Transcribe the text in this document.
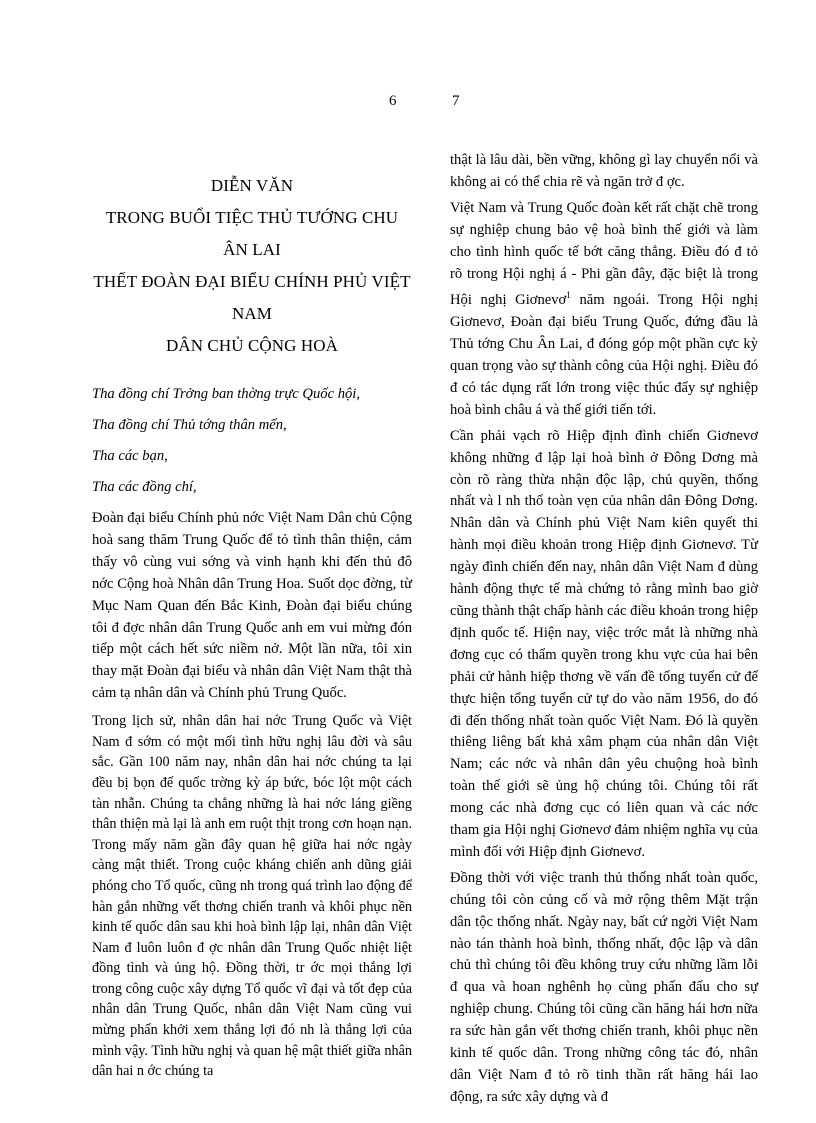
6	7
DIỄN VĂN
TRONG BUỔI TIỆC THỦ TƯỚNG CHU ÂN LAI
THẾT ĐOÀN ĐẠI BIỂU CHÍNH PHỦ VIỆT NAM
DÂN CHỦ CỘNG HOÀ

Tha đồng chí Trởng ban thờng trực Quốc hội,

Tha đồng chí Thủ tớng thân mến,

Tha các bạn,

Tha các đồng chí,

Đoàn đại biểu Chính phủ nớc Việt Nam Dân chủ Cộng hoà sang thăm Trung Quốc để tỏ tình thân thiện, cảm thấy vô cùng vui sớng và vinh hạnh khi đến thủ đô nớc Cộng hoà Nhân dân Trung Hoa. Suốt dọc đờng, từ Mục Nam Quan đến Bắc Kinh, Đoàn đại biểu chúng tôi đ đợc nhân dân Trung Quốc anh em vui mừng đón tiếp một cách hết sức niềm nở. Một lần nữa, tôi xin thay mặt Đoàn đại biểu và nhân dân Việt Nam thật thà cảm tạ nhân dân và Chính phủ Trung Quốc.

Trong lịch sử, nhân dân hai nớc Trung Quốc và Việt Nam đ sớm có một mối tình hữu nghị lâu đời và sâu sắc. Gần 100 năm nay, nhân dân hai nớc chúng ta lại đều bị bọn đế quốc trờng kỳ áp bức, bóc lột một cách tàn nhẫn. Chúng ta chẳng những là hai nớc láng giềng thân thiện mà lại là anh em ruột thịt trong cơn hoạn nạn. Trong mấy năm gần đây quan hệ giữa hai nớc ngày càng mật thiết. Trong cuộc kháng chiến anh dũng giải phóng cho Tổ quốc, cũng nh trong quá trình lao động để hàn gắn những vết thơng chiến tranh và khôi phục nền kinh tế quốc dân sau khi hoà bình lập lại, nhân dân Việt Nam đ luôn luôn đ ợc nhân dân Trung Quốc nhiệt liệt đồng tình và ủng hộ. Đồng thời, tr ớc mọi thắng lợi trong công cuộc xây dựng Tổ quốc vĩ đại và tốt đẹp của nhân dân Trung Quốc, nhân dân Việt Nam cũng vui mừng phấn khởi xem thắng lợi đó nh là thắng lợi của mình vậy. Tình hữu nghị và quan hệ mật thiết giữa nhân dân hai n ớc chúng ta

thật là lâu dài, bền vững, không gì lay chuyển nổi và không ai có thể chia rẽ và ngăn trở đ ợc.

Việt Nam và Trung Quốc đoàn kết rất chặt chẽ trong sự nghiệp chung bảo vệ hoà bình thế giới và làm cho tình hình quốc tế bớt căng thẳng. Điều đó đ tỏ rõ trong Hội nghị á - Phi gần đây, đặc biệt là trong Hội nghị Giơnevơ$^1$ năm ngoái. Trong Hội nghị Giơnevơ, Đoàn đại biểu Trung Quốc, đứng đầu là Thủ tớng Chu Ân Lai, đ đóng góp một phần cực kỳ quan trọng vào sự thành công của Hội nghị. Điều đó đ có tác dụng rất lớn trong việc thúc đẩy sự nghiệp hoà bình châu á và thế giới tiến tới.

Cần phải vạch rõ Hiệp định đình chiến Giơnevơ không những đ lập lại hoà bình ở Đông Dơng mà còn rõ ràng thừa nhận độc lập, chủ quyền, thống nhất và l nh thổ toàn vẹn của nhân dân Đông Dơng. Nhân dân và Chính phủ Việt Nam kiên quyết thi hành mọi điều khoản trong Hiệp định Giơnevơ. Từ ngày đình chiến đến nay, nhân dân Việt Nam đ dùng hành động thực tế mà chứng tỏ rằng mình bao giờ cũng thành thật chấp hành các điều khoản trong hiệp định quốc tế. Hiện nay, việc trớc mắt là những nhà đơng cục có thẩm quyền trong khu vực của hai bên phải cử hành hiệp thơng về vấn đề tổng tuyển cử để thực hiện tổng tuyển cử tự do vào năm 1956, do đó đi đến thống nhất toàn quốc Việt Nam. Đó là quyền thiêng liêng bất khả xâm phạm của nhân dân Việt Nam; các nớc và nhân dân yêu chuộng hoà bình toàn thế giới sẽ ủng hộ chúng tôi. Chúng tôi rất mong các nhà đơng cục có liên quan và các nớc tham gia Hội nghị Giơnevơ đảm nhiệm nghĩa vụ của mình đối với Hiệp định Giơnevơ.

Đồng thời với việc tranh thủ thống nhất toàn quốc, chúng tôi còn củng cố và mở rộng thêm Mặt trận dân tộc thống nhất. Ngày nay, bất cứ ngời Việt Nam nào tán thành hoà bình, thống nhất, độc lập và dân chủ thì chúng tôi đều không truy cứu những lầm lỗi đ qua và hoan nghênh họ cùng phấn đấu cho sự nghiệp chung. Chúng tôi cũng cần hăng hái hơn nữa ra sức hàn gắn vết thơng chiến tranh, khôi phục nền kinh tế quốc dân. Trong những công tác đó, nhân dân Việt Nam đ tỏ rõ tinh thần rất hăng hái lao động, ra sức xây dựng và đ
